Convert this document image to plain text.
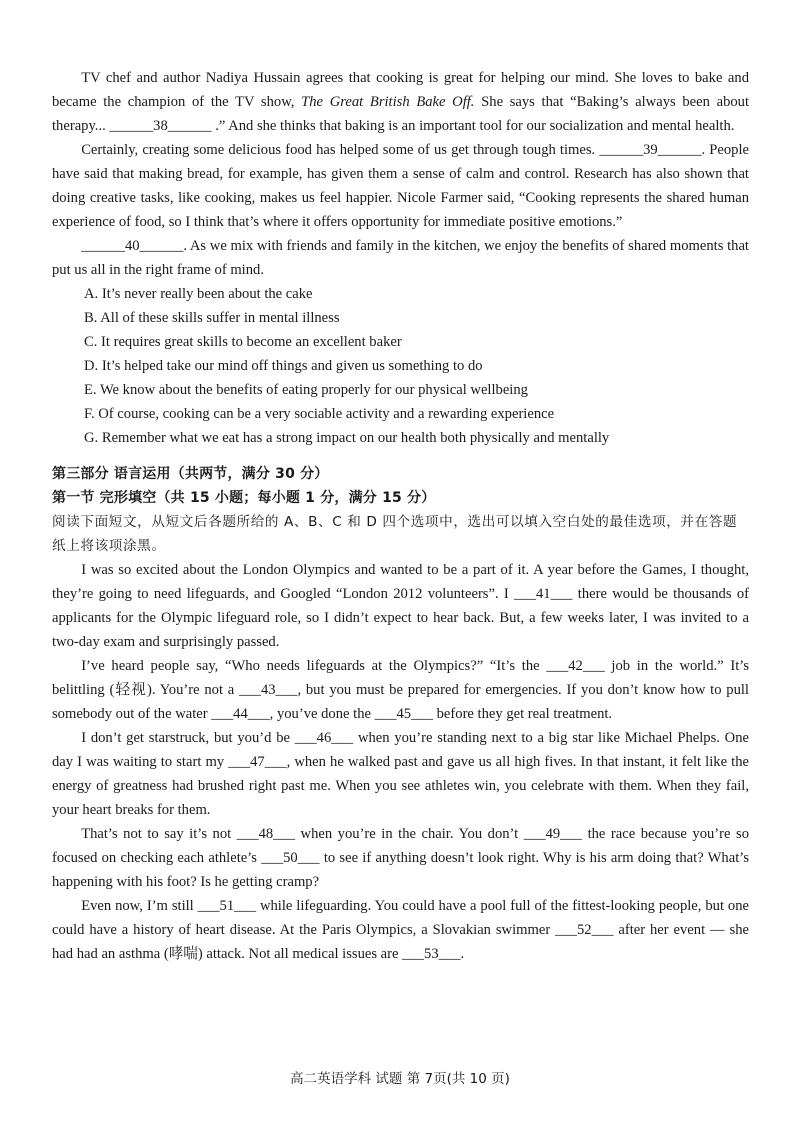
TV chef and author Nadiya Hussain agrees that cooking is great for helping our mind. She loves to bake and became the champion of the TV show, The Great British Bake Off. She says that “Baking’s always been about therapy... ______38______ .” And she thinks that baking is an important tool for our socialization and mental health.

Certainly, creating some delicious food has helped some of us get through tough times. ______39______. People have said that making bread, for example, has given them a sense of calm and control. Research has also shown that doing creative tasks, like cooking, makes us feel happier. Nicole Farmer said, “Cooking represents the shared human experience of food, so I think that’s where it offers opportunity for immediate positive emotions.”

______40______. As we mix with friends and family in the kitchen, we enjoy the benefits of shared moments that put us all in the right frame of mind.

A. It’s never really been about the cake

B. All of these skills suffer in mental illness

C. It requires great skills to become an excellent baker

D. It’s helped take our mind off things and given us something to do

E. We know about the benefits of eating properly for our physical wellbeing

F. Of course, cooking can be a very sociable activity and a rewarding experience

G. Remember what we eat has a strong impact on our health both physically and mentally

第三部分 语言运用（共两节，满分 30 分）

第一节 完形填空（共 15 小题；每小题 1 分，满分 15 分）

阅读下面短文，从短文后各题所给的 A、B、C 和 D 四个选项中，选出可以填入空白处的最佳选项，并在答题纸上将该项涂黑。

I was so excited about the London Olympics and wanted to be a part of it. A year before the Games, I thought, they’re going to need lifeguards, and Googled “London 2012 volunteers”. I ___41___ there would be thousands of applicants for the Olympic lifeguard role, so I didn’t expect to hear back. But, a few weeks later, I was invited to a two-day exam and surprisingly passed.

I’ve heard people say, “Who needs lifeguards at the Olympics?” “It’s the ___42___ job in the world.” It’s belittling (轻视). You’re not a ___43___, but you must be prepared for emergencies. If you don’t know how to pull somebody out of the water ___44___, you’ve done the ___45___ before they get real treatment.

I don’t get starstruck, but you’d be ___46___ when you’re standing next to a big star like Michael Phelps. One day I was waiting to start my ___47___, when he walked past and gave us all high fives. In that instant, it felt like the energy of greatness had brushed right past me. When you see athletes win, you celebrate with them. When they fail, your heart breaks for them.

That’s not to say it’s not ___48___ when you’re in the chair. You don’t ___49___ the race because you’re so focused on checking each athlete’s ___50___ to see if anything doesn’t look right. Why is his arm doing that? What’s happening with his foot? Is he getting cramp?

Even now, I’m still ___51___ while lifeguarding. You could have a pool full of the fittest-looking people, but one could have a history of heart disease. At the Paris Olympics, a Slovakian swimmer ___52___ after her event — she had had an asthma (哮喘) attack. Not all medical issues are ___53___.

高二英语学科 试题 第 7页(共 10 页)
